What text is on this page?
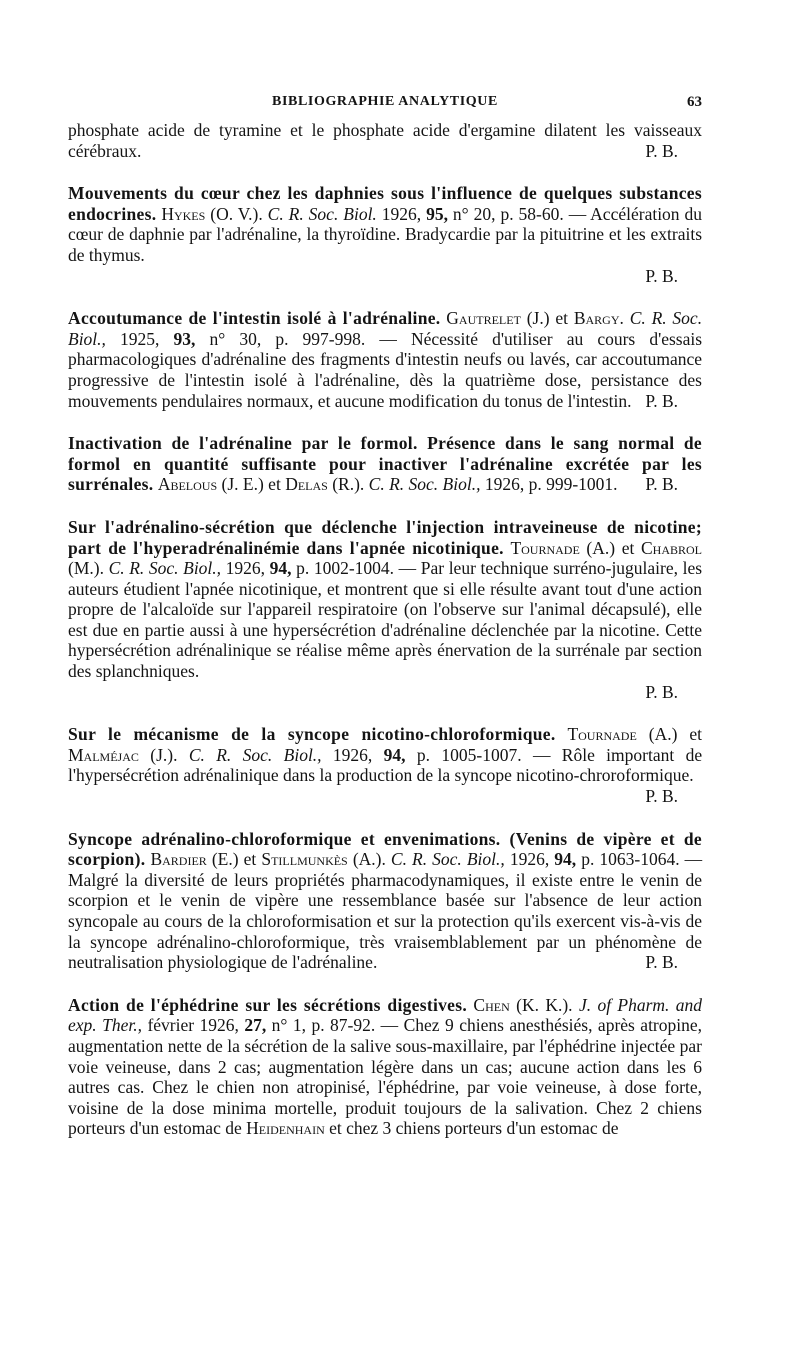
BIBLIOGRAPHIE ANALYTIQUE	63

phosphate acide de tyramine et le phosphate acide d'ergamine dilatent les vaisseaux cérébraux.	P. B.

Mouvements du cœur chez les daphnies sous l'influence de quelques substances endocrines. Hykes (O. V.). C. R. Soc. Biol. 1926, 95, n° 20, p. 58-60. — Accélération du cœur de daphnie par l'adrénaline, la thyroïdine. Bradycardie par la pituitrine et les extraits de thymus.

P. B.

Accoutumance de l'intestin isolé à l'adrénaline. Gautrelet (J.) et Bargy. C. R. Soc. Biol., 1925, 93, n° 30, p. 997-998. — Nécessité d'utiliser au cours d'essais pharmacologiques d'adrénaline des fragments d'intestin neufs ou lavés, car accoutumance progressive de l'intestin isolé à l'adrénaline, dès la quatrième dose, persistance des mouvements pendulaires normaux, et aucune modification du tonus de l'intestin. P. B.

Inactivation de l'adrénaline par le formol. Présence dans le sang normal de formol en quantité suffisante pour inactiver l'adrénaline excrétée par les surrénales. Abelous (J. E.) et Delas (R.). C. R. Soc. Biol., 1926, p. 999-1001. P. B.

Sur l'adrénalino-sécrétion que déclenche l'injection intraveineuse de nicotine; part de l'hyperadrénalinémie dans l'apnée nicotinique. Tournade (A.) et Chabrol (M.). C. R. Soc. Biol., 1926, 94, p. 1002-1004. — Par leur technique surréno-jugulaire, les auteurs étudient l'apnée nicotinique, et montrent que si elle résulte avant tout d'une action propre de l'alcaloïde sur l'appareil respiratoire (on l'observe sur l'animal décapsulé), elle est due en partie aussi à une hypersécrétion d'adrénaline déclenchée par la nicotine. Cette hypersécrétion adrénalinique se réalise même après énervation de la surrénale par section des splanchniques.

P. B.

Sur le mécanisme de la syncope nicotino-chloroformique. Tournade (A.) et Malméjac (J.). C. R. Soc. Biol., 1926, 94, p. 1005-1007. — Rôle important de l'hypersécrétion adrénalinique dans la production de la syncope nicotino-chroroformique.
P. B.

Syncope adrénalino-chloroformique et envenimations. (Venins de vipère et de scorpion). Bardier (E.) et Stillmunkès (A.). C. R. Soc. Biol., 1926, 94, p. 1063-1064. — Malgré la diversité de leurs propriétés pharmacodynamiques, il existe entre le venin de scorpion et le venin de vipère une ressemblance basée sur l'absence de leur action syncopale au cours de la chloroformisation et sur la protection qu'ils exercent vis-à-vis de la syncope adrénalino-chloroformique, très vraisemblablement par un phénomène de neutralisation physiologique de l'adrénaline.	P. B.

Action de l'éphédrine sur les sécrétions digestives. Chen (K. K.). J. of Pharm. and exp. Ther., février 1926, 27, n° 1, p. 87-92. — Chez 9 chiens anesthésiés, après atropine, augmentation nette de la sécrétion de la salive sous-maxillaire, par l'éphédrine injectée par voie veineuse, dans 2 cas; augmentation légère dans un cas; aucune action dans les 6 autres cas. Chez le chien non atropinisé, l'éphédrine, par voie veineuse, à dose forte, voisine de la dose minima mortelle, produit toujours de la salivation. Chez 2 chiens porteurs d'un estomac de Heidenhain et chez 3 chiens porteurs d'un estomac de
